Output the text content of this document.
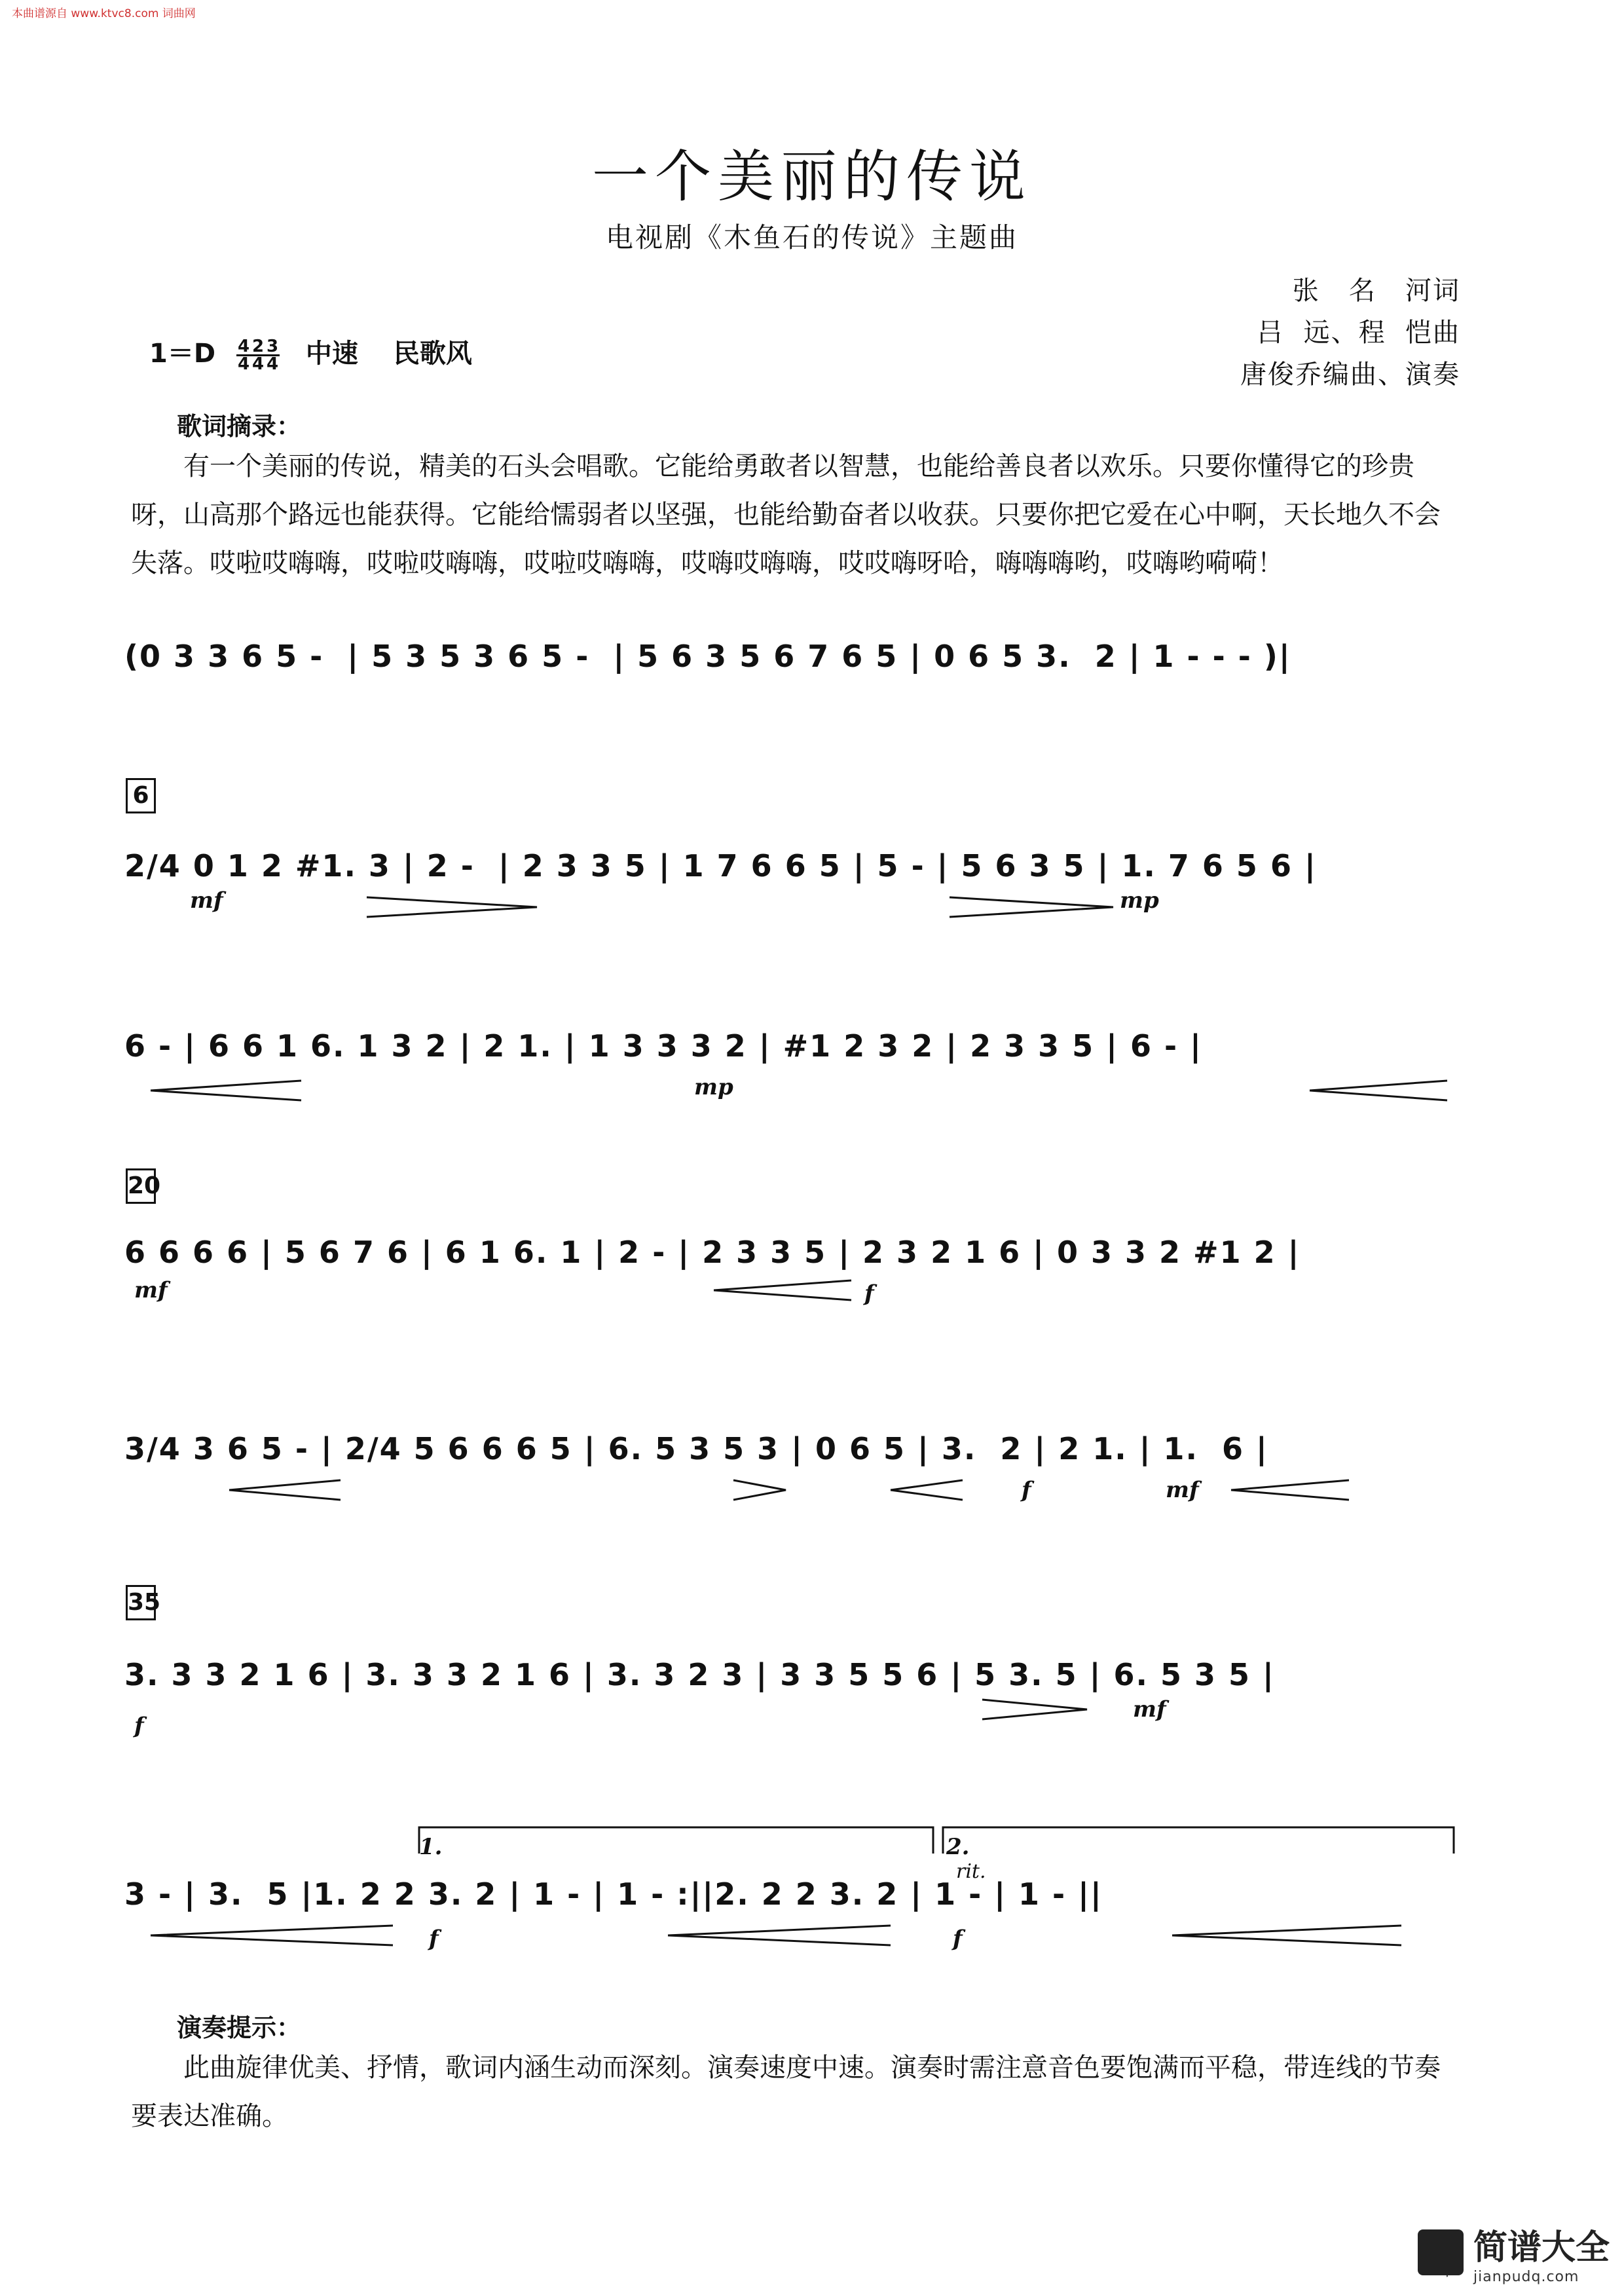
本曲谱源自 www.ktvc8.com 词曲网
一个美丽的传说
电视剧《木鱼石的传说》主题曲
张   名   河词
吕  远、程  恺曲
唐俊乔编曲、演奏
1＝D 4 2 3
4 4 4 中速 民歌风
歌词摘录：
有一个美丽的传说，精美的石头会唱歌。它能给勇敢者以智慧，也能给善良者以欢乐。只要你懂得它的珍贵呀，山高那个路远也能获得。它能给懦弱者以坚强，也能给勤奋者以收获。只要你把它爱在心中啊，天长地久不会失落。哎啦哎嗨嗨，哎啦哎嗨嗨，哎啦哎嗨嗨，哎嗨哎嗨嗨，哎哎嗨呀哈，嗨嗨嗨哟，哎嗨哟嗬嗬！
(0 3 3 6 5 -  | 5 3 5 3 6 5 -  | 5 6 3 5 6 7 6 5 | 0 6 5 3.  2 | 1 - - - )|
6
2/4 0 1 2 #1. 3 | 2 -  | 2 3 3 5 | 1 7 6 6 5 | 5 - | 5 6 3 5 | 1. 7 6 5 6 |
mf	mp
6 - | 6 6 1 6. 1 3 2 | 2 1. | 1 3 3 3 2 | #1 2 3 2 | 2 3 3 5 | 6 - |
mp
20
6 6 6 6 | 5 6 7 6 | 6 1 6. 1 | 2 - | 2 3 3 5 | 2 3 2 1 6 | 0 3 3 2 #1 2 |
mf	f
3/4 3 6 5 - | 2/4 5 6 6 6 5 | 6. 5 3 5 3 | 0 6 5 | 3.  2 | 2 1. | 1.  6 |
f	mf
35
3. 3 3 2 1 6 | 3. 3 3 2 1 6 | 3. 3 2 3 | 3 3 5 5 6 | 5 3. 5 | 6. 5 3 5 |
f
mf
1.	2.
rit.
3 - | 3.  5 |1. 2 2 3. 2 | 1 - | 1 - :||2. 2 2 3. 2 | 1 - | 1 - ||
f	f
演奏提示：
此曲旋律优美、抒情，歌词内涵生动而深刻。演奏速度中速。演奏时需注意音色要饱满而平稳，带连线的节奏要表达准确。

简谱大全
jianpudq.com
